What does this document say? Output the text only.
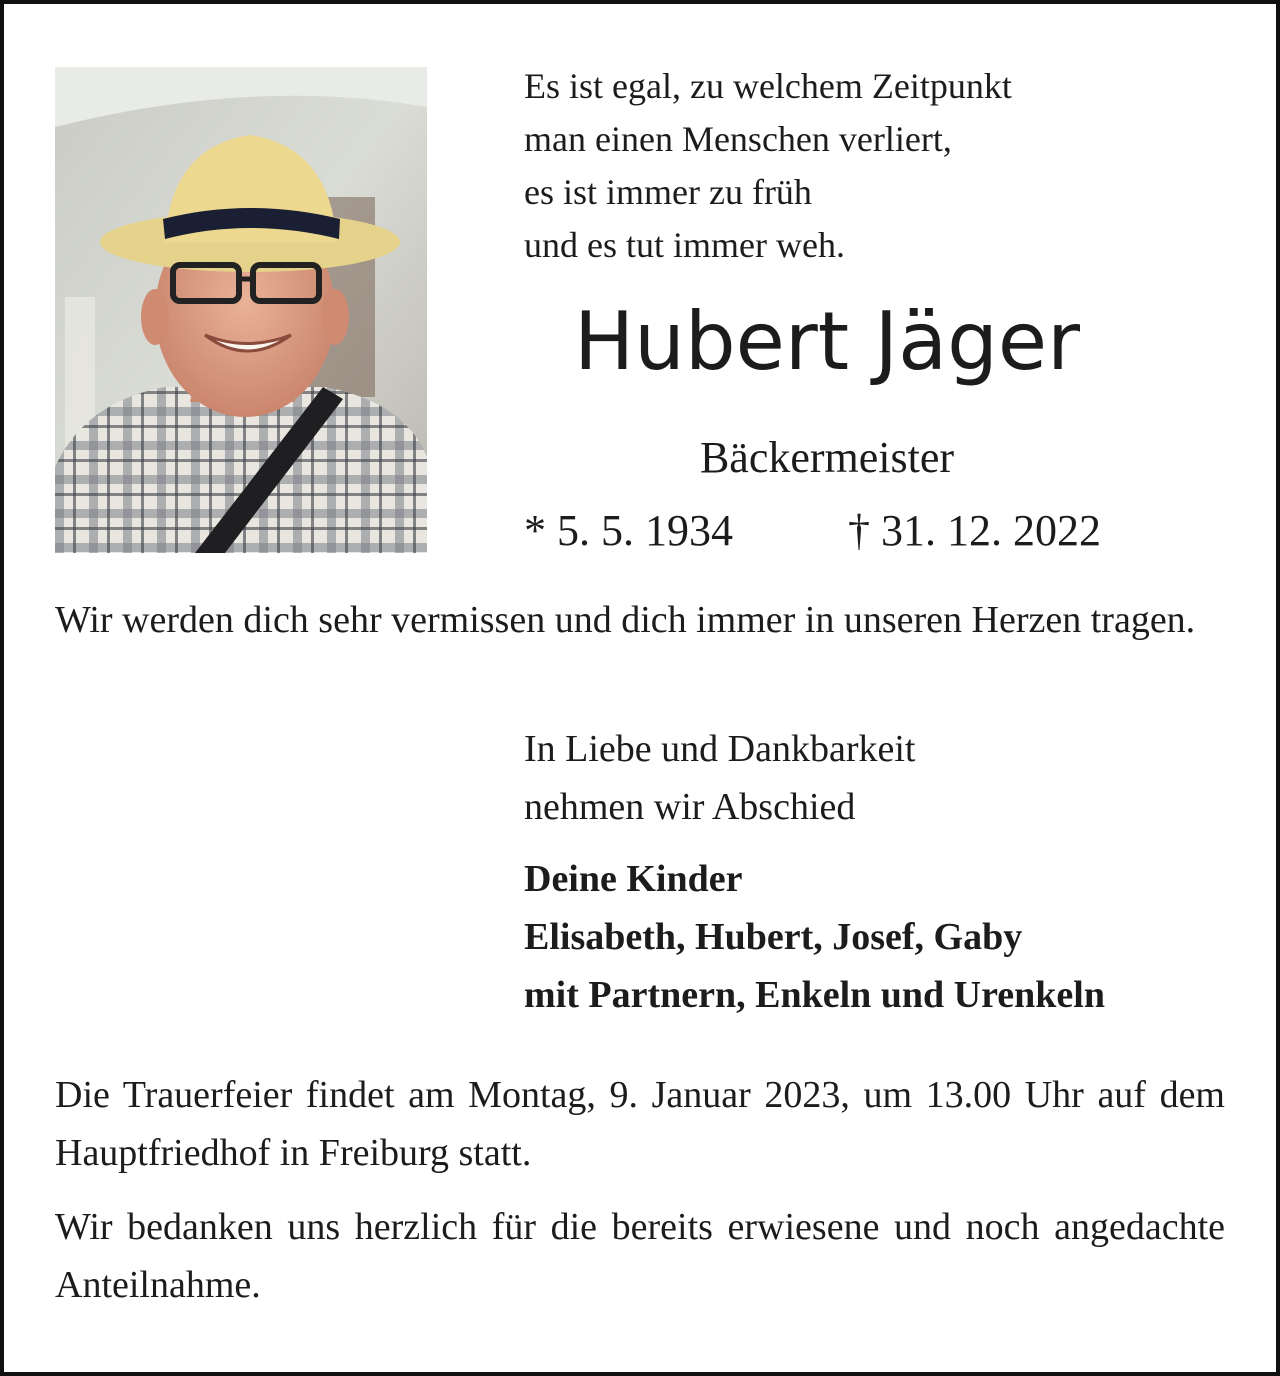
Es ist egal, zu welchem Zeitpunkt
man einen Menschen verliert,
es ist immer zu früh
und es tut immer weh.
Hubert Jäger
Bäckermeister
* 5. 5. 1934	† 31. 12. 2022
Wir werden dich sehr vermissen und dich immer in unseren Herzen tragen.
In Liebe und Dankbarkeit
nehmen wir Abschied
Deine Kinder
Elisabeth, Hubert, Josef, Gaby
mit Partnern, Enkeln und Urenkeln
Die Trauerfeier findet am Montag, 9. Januar 2023, um 13.00 Uhr auf dem Hauptfriedhof in Freiburg statt.
Wir bedanken uns herzlich für die bereits erwiesene und noch angedachte Anteilnahme.
